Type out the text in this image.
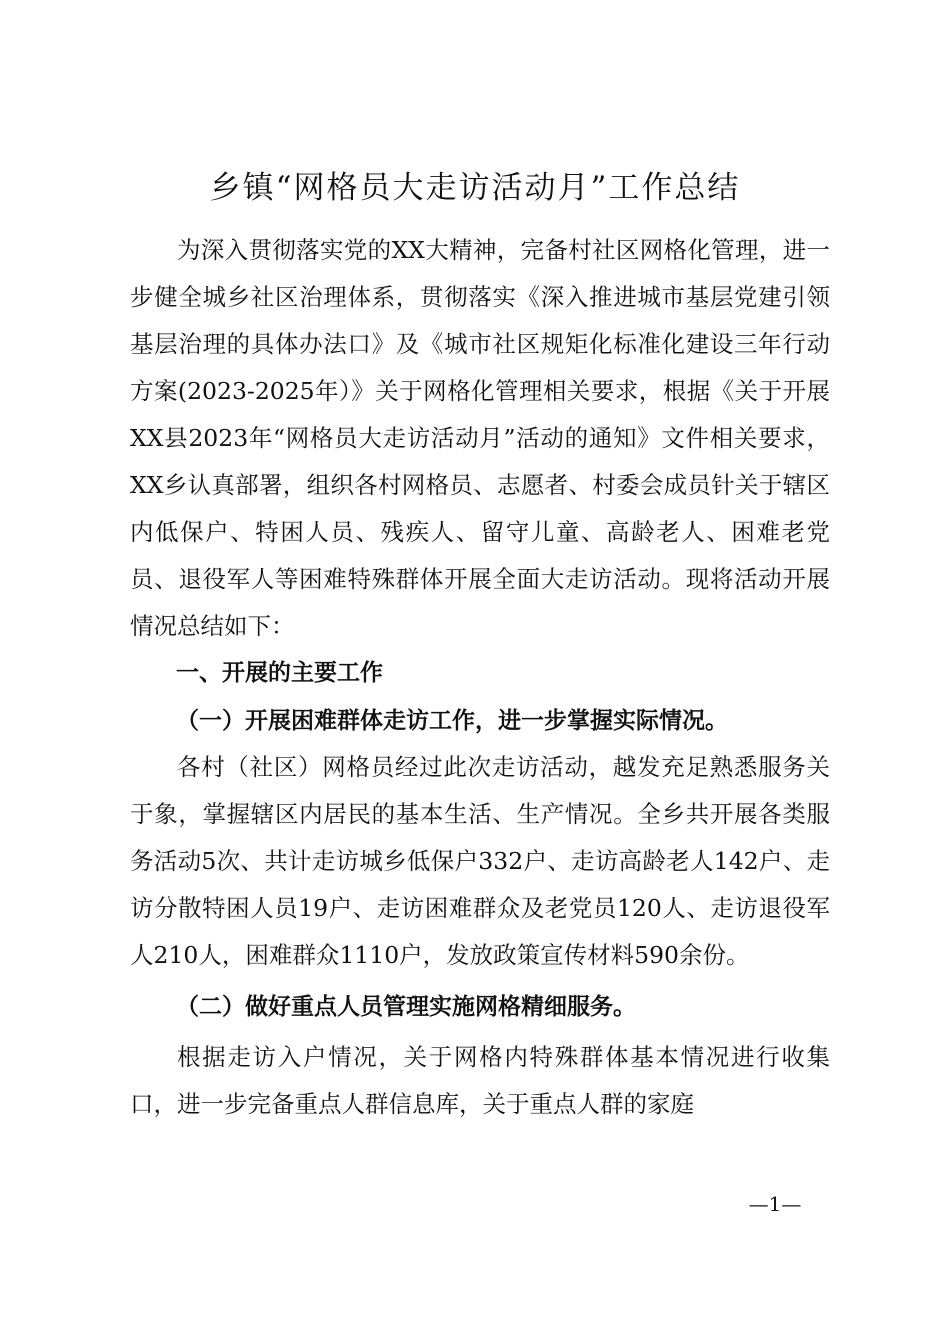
乡镇“网格员大走访活动月”工作总结

为深入贯彻落实党的XX大精神，完备村社区网格化管理，进一步健全城乡社区治理体系，贯彻落实《深入推进城市基层党建引领基层治理的具体办法口》及《城市社区规矩化标准化建设三年行动方案(2023-2025年）》关于网格化管理相关要求，根据《关于开展XX县2023年“网格员大走访活动月”活动的通知》文件相关要求，XX乡认真部署，组织各村网格员、志愿者、村委会成员针关于辖区内低保户、特困人员、残疾人、留守儿童、高龄老人、困难老党员、退役军人等困难特殊群体开展全面大走访活动。现将活动开展情况总结如下：

一、开展的主要工作

（一）开展困难群体走访工作，进一步掌握实际情况。

各村（社区）网格员经过此次走访活动，越发充足熟悉服务关于象，掌握辖区内居民的基本生活、生产情况。全乡共开展各类服务活动5次、共计走访城乡低保户332户、走访高龄老人142户、走访分散特困人员19户、走访困难群众及老党员120人、走访退役军人210人，困难群众1110户，发放政策宣传材料590余份。

（二）做好重点人员管理实施网格精细服务。

根据走访入户情况，关于网格内特殊群体基本情况进行收集口，进一步完备重点人群信息库，关于重点人群的家庭

—1—
